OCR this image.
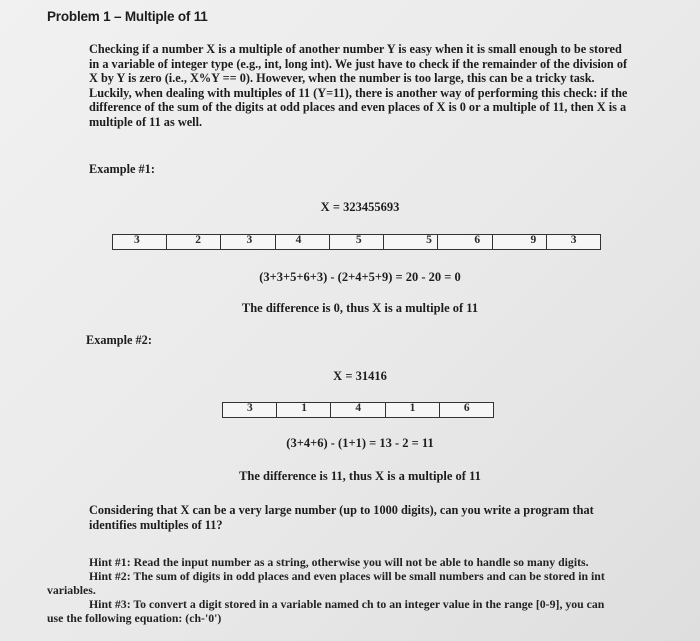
Problem 1 – Multiple of 11
Checking if a number X is a multiple of another number Y is easy when it is small enough to be stored
in a variable of integer type (e.g., int, long int). We just have to check if the remainder of the division of
X by Y is zero (i.e., X%Y == 0). However, when the number is too large, this can be a tricky task.
Luckily, when dealing with multiples of 11 (Y=11), there is another way of performing this check: if the
difference of the sum of the digits at odd places and even places of X is 0 or a multiple of 11, then X is a
multiple of 11 as well.
Example #1:
X = 323455693
3	2	3	4	5	5	6	9	3
(3+3+5+6+3) - (2+4+5+9) = 20 - 20 = 0
The difference is 0, thus X is a multiple of 11
Example #2:
X = 31416
3	1	4	1	6
(3+4+6) - (1+1) = 13 - 2 = 11
The difference is 11, thus X is a multiple of 11
Considering that X can be a very large number (up to 1000 digits), can you write a program that
identifies multiples of 11?
Hint #1: Read the input number as a string, otherwise you will not be able to handle so many digits.
Hint #2: The sum of digits in odd places and even places will be small numbers and can be stored in int
variables.
Hint #3: To convert a digit stored in a variable named ch to an integer value in the range [0-9], you can
use the following equation: (ch-'0')
